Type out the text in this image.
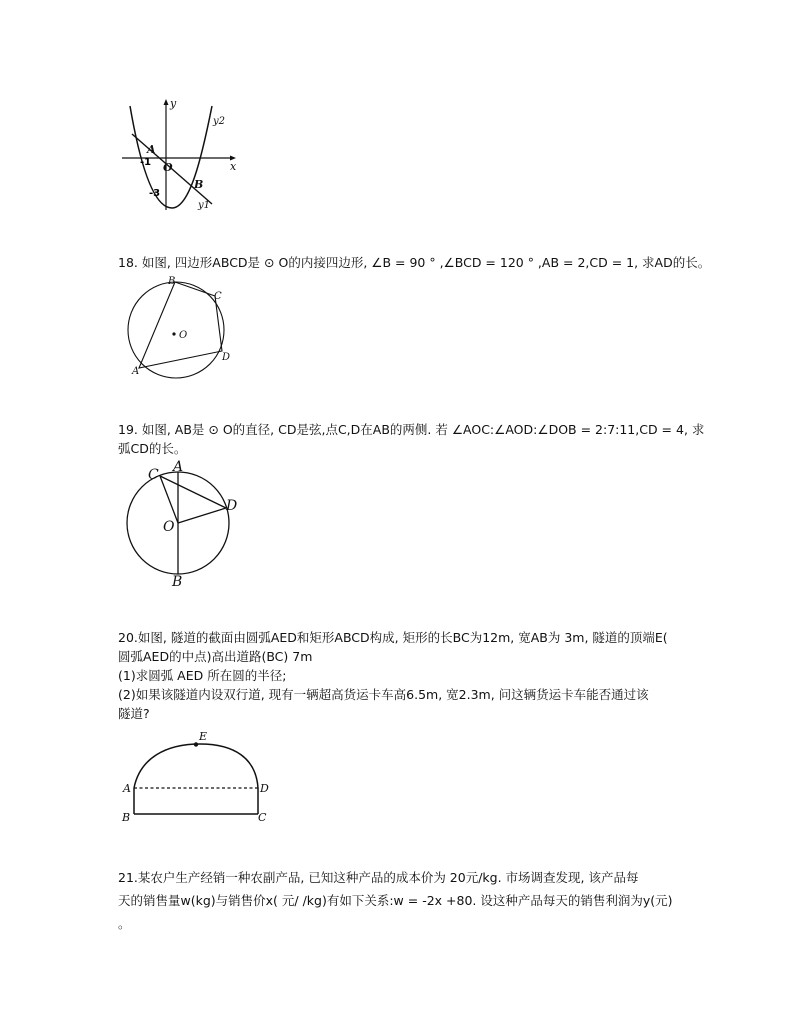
y
x
O
A
B
-1
-3
y1
y2
18. 如图, 四边形ABCD是 ⊙ O的内接四边形, ∠B = 90 ° ,∠BCD = 120 ° ,AB = 2,CD = 1, 求AD的长。
B
C
D
A
O
19. 如图, AB是 ⊙ O的直径, CD是弦,点C,D在AB的两侧. 若 ∠AOC:∠AOD:∠DOB = 2:7:11,CD = 4, 求
弧CD的长。
A
B
C
D
O
20.如图, 隧道的截面由圆弧AED和矩形ABCD构成, 矩形的长BC为12m, 宽AB为 3m, 隧道的顶端E(
圆弧AED的中点)高出道路(BC) 7m
(1)求圆弧 AED 所在圆的半径;
(2)如果该隧道内设双行道, 现有一辆超高货运卡车高6.5m, 宽2.3m, 问这辆货运卡车能否通过该
隧道?
E
A	D
B	C
21.某农户生产经销一种农副产品, 已知这种产品的成本价为 20元/kg. 市场调查发现, 该产品每
天的销售量w(kg)与销售价x( 元/ /kg)有如下关系:w = -2x +80. 设这种产品每天的销售利润为y(元)
。
